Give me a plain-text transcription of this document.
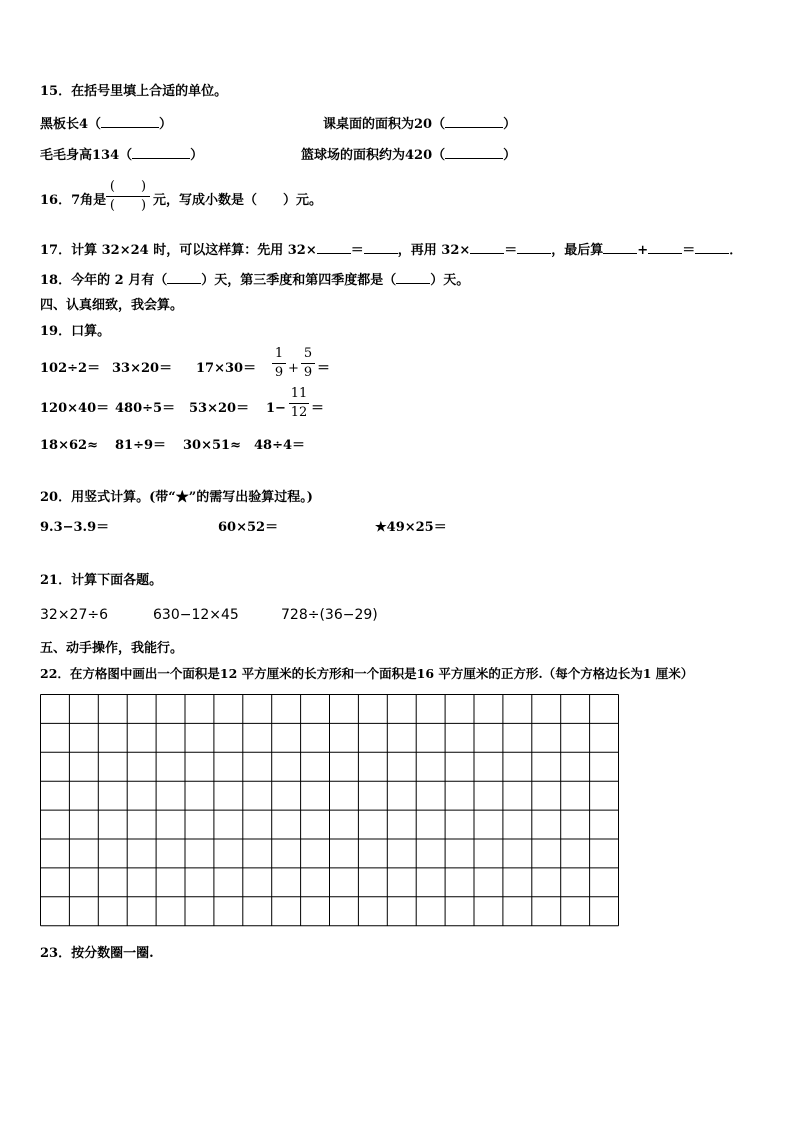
15．在括号里填上合适的单位。
黑板长4（	）	课桌面的面积为20（	）
毛毛身高134（	）	篮球场的面积约为420（	）
16．7角是
(　　)
(　　) 元，写成小数是（　　）元。
17．计算 32×24 时，可以这样算：先用 32×	＝	，再用 32×	＝	，最后算	+	＝	．
18．今年的 2 月有（	）天，第三季度和第四季度都是（	）天。
四、认真细致，我会算。
19．口算。
102÷2＝ 33×20＝ 17×30＝
1
9 +
5
9 ＝
120×40＝ 480÷5＝ 53×20＝ 1−
11
12 ＝
18×62≈ 81÷9＝ 30×51≈ 48÷4＝
20．用竖式计算。(带“★”的需写出验算过程。)
9.3−3.9＝	60×52＝	★49×25＝
21．计算下面各题。
32×27÷6	630−12×45	728÷(36−29)
五、动手操作，我能行。
22．在方格图中画出一个面积是12 平方厘米的长方形和一个面积是16 平方厘米的正方形.（每个方格边长为1 厘米）
23．按分数圈一圈.
